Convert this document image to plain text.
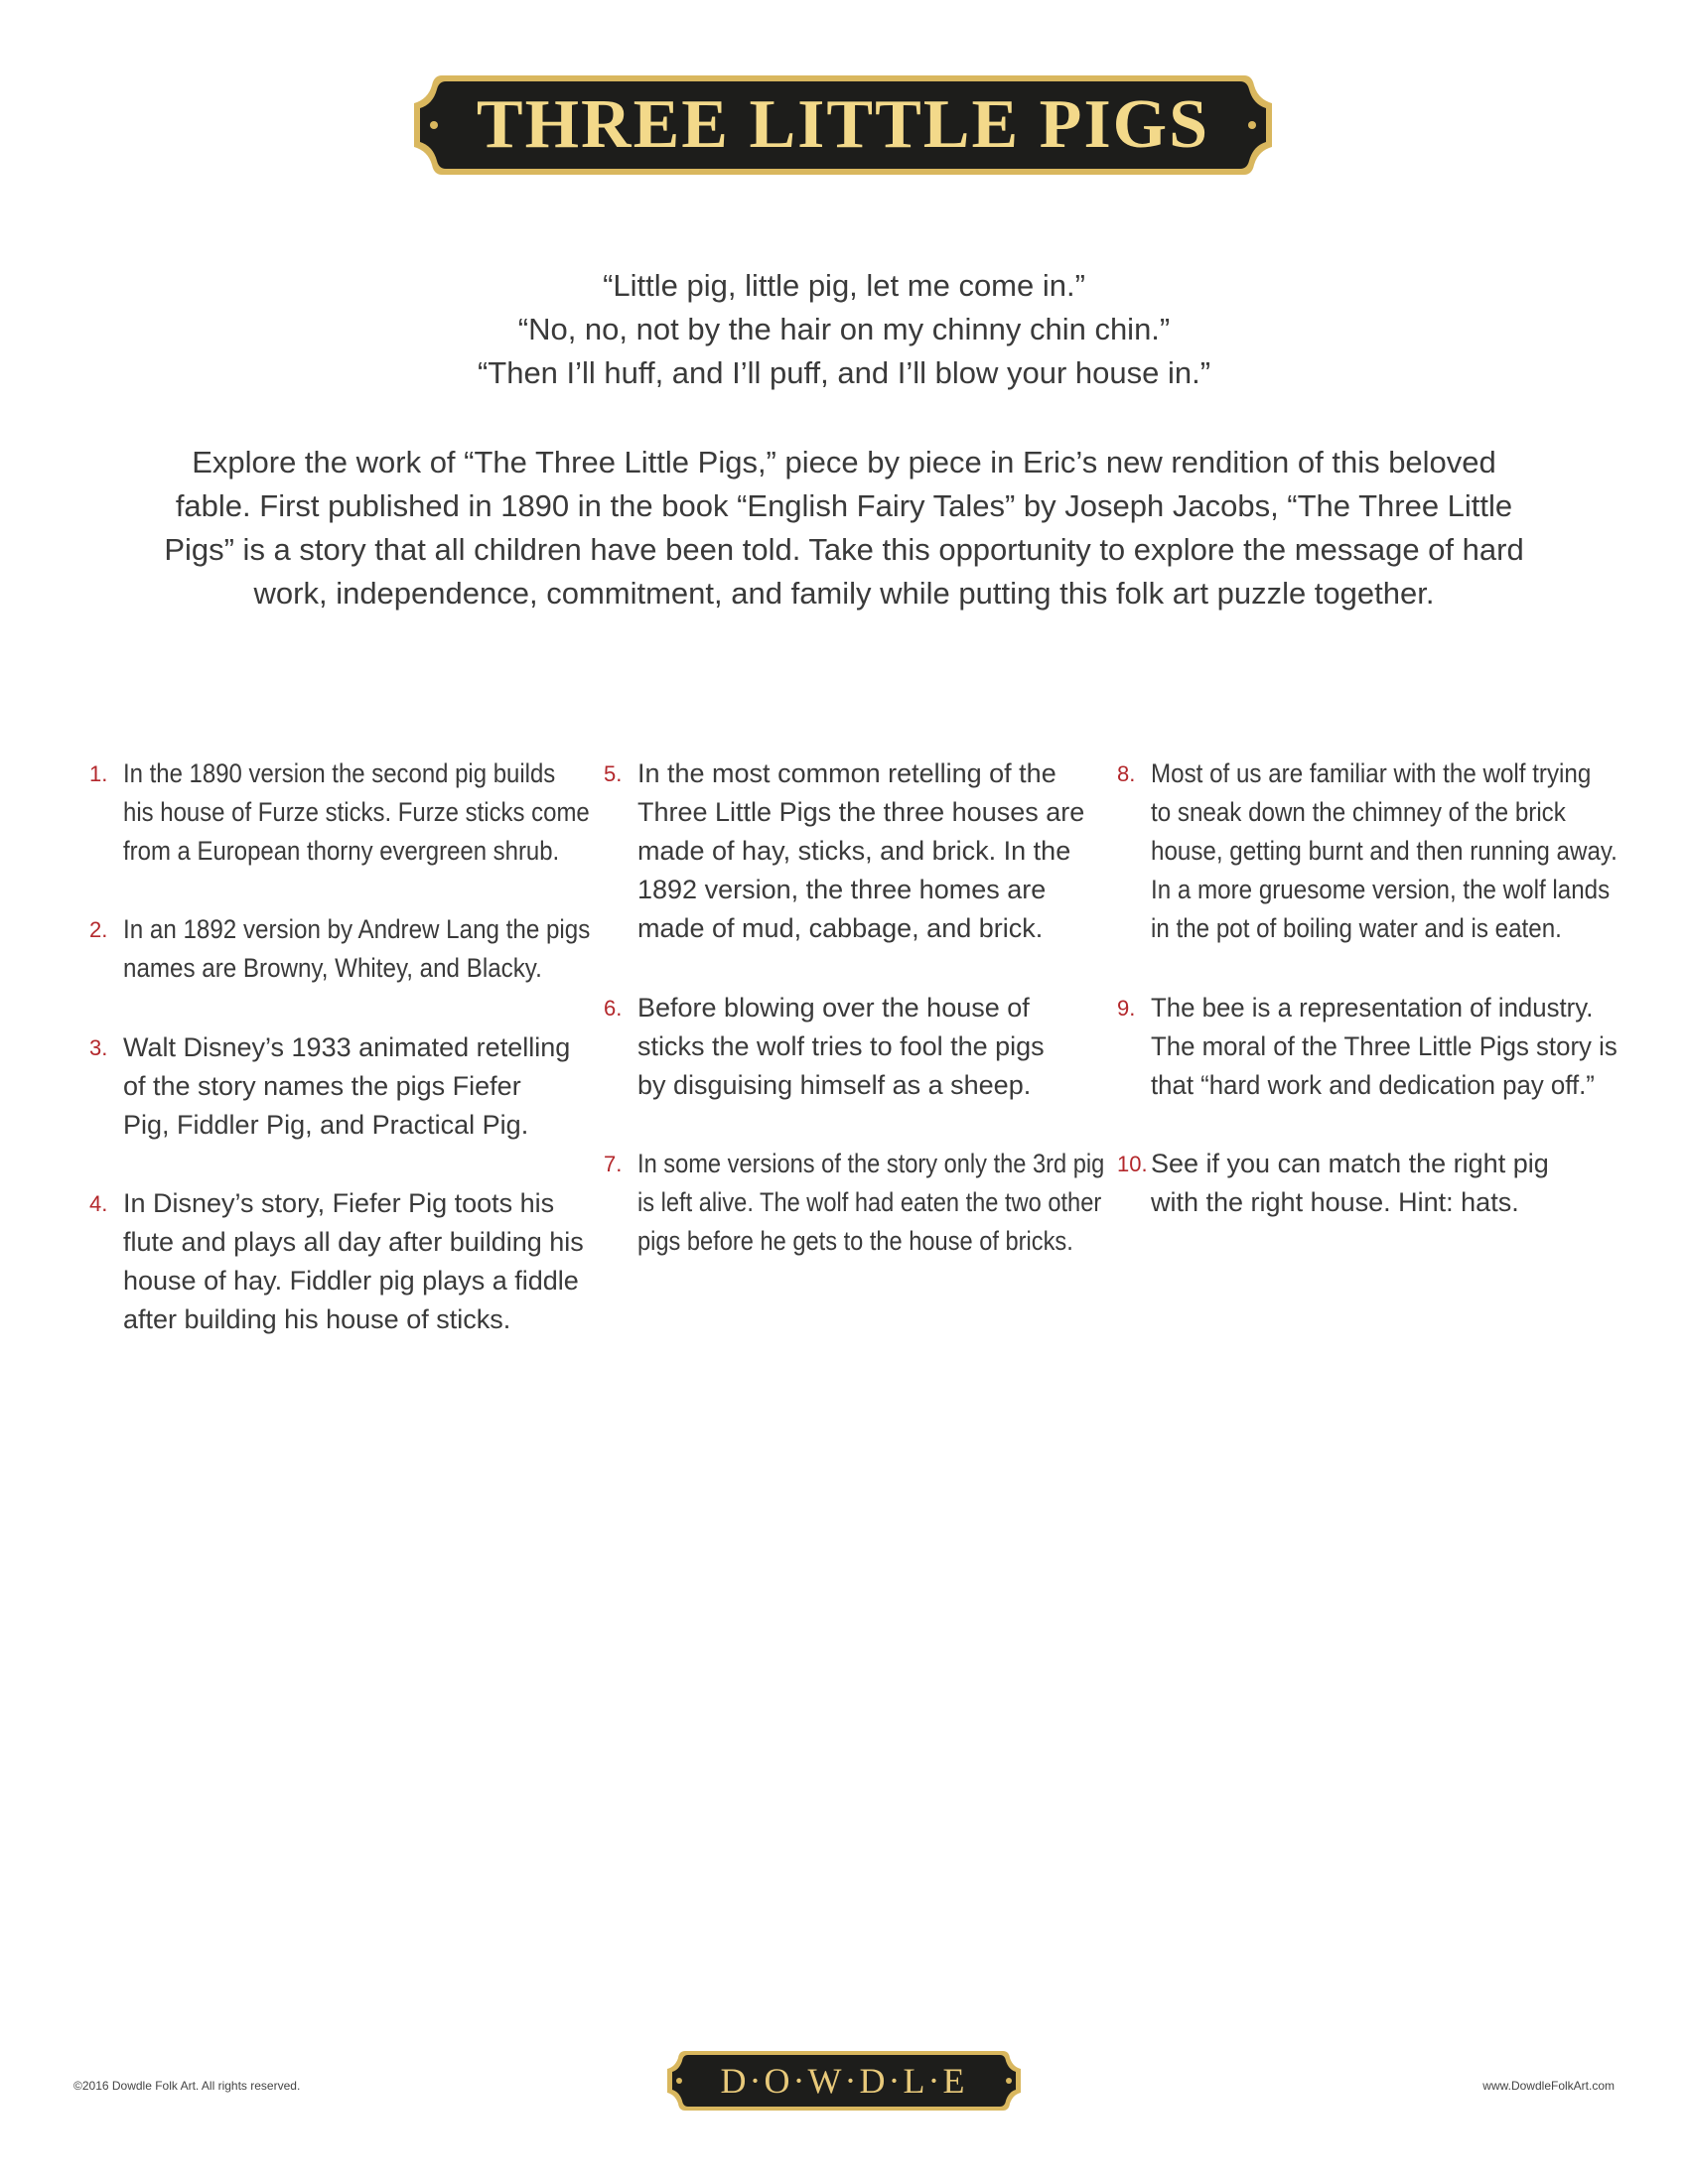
THREE LITTLE PIGS
“Little pig, little pig, let me come in.”
“No, no, not by the hair on my chinny chin chin.”
“Then I’ll huff, and I’ll puff, and I’ll blow your house in.”
Explore the work of “The Three Little Pigs,” piece by piece in Eric’s new rendition of this beloved
fable. First published in 1890 in the book “English Fairy Tales” by Joseph Jacobs, “The Three Little
Pigs” is a story that all children have been told. Take this opportunity to explore the message of hard
work, independence, commitment, and family while putting this folk art puzzle together.
1. In the 1890 version the second pig builds
his house of Furze sticks. Furze sticks come
from a European thorny evergreen shrub.
2. In an 1892 version by Andrew Lang the pigs
names are Browny, Whitey, and Blacky.
3. Walt Disney’s 1933 animated retelling
of the story names the pigs Fiefer
Pig, Fiddler Pig, and Practical Pig.
4. In Disney’s story, Fiefer Pig toots his
flute and plays all day after building his
house of hay. Fiddler pig plays a fiddle
after building his house of sticks.
5. In the most common retelling of the
Three Little Pigs the three houses are
made of hay, sticks, and brick. In the
1892 version, the three homes are
made of mud, cabbage, and brick.
6. Before blowing over the house of
sticks the wolf tries to fool the pigs
by disguising himself as a sheep.
7. In some versions of the story only the 3rd pig
is left alive. The wolf had eaten the two other
pigs before he gets to the house of bricks.
8. Most of us are familiar with the wolf trying
to sneak down the chimney of the brick
house, getting burnt and then running away.
In a more gruesome version, the wolf lands
in the pot of boiling water and is eaten.
9. The bee is a representation of industry.
The moral of the Three Little Pigs story is
that “hard work and dedication pay off.”
10. See if you can match the right pig
with the right house. Hint: hats.
©2016 Dowdle Folk Art. All rights reserved.	D·O·W·D·L·E	www.DowdleFolkArt.com
